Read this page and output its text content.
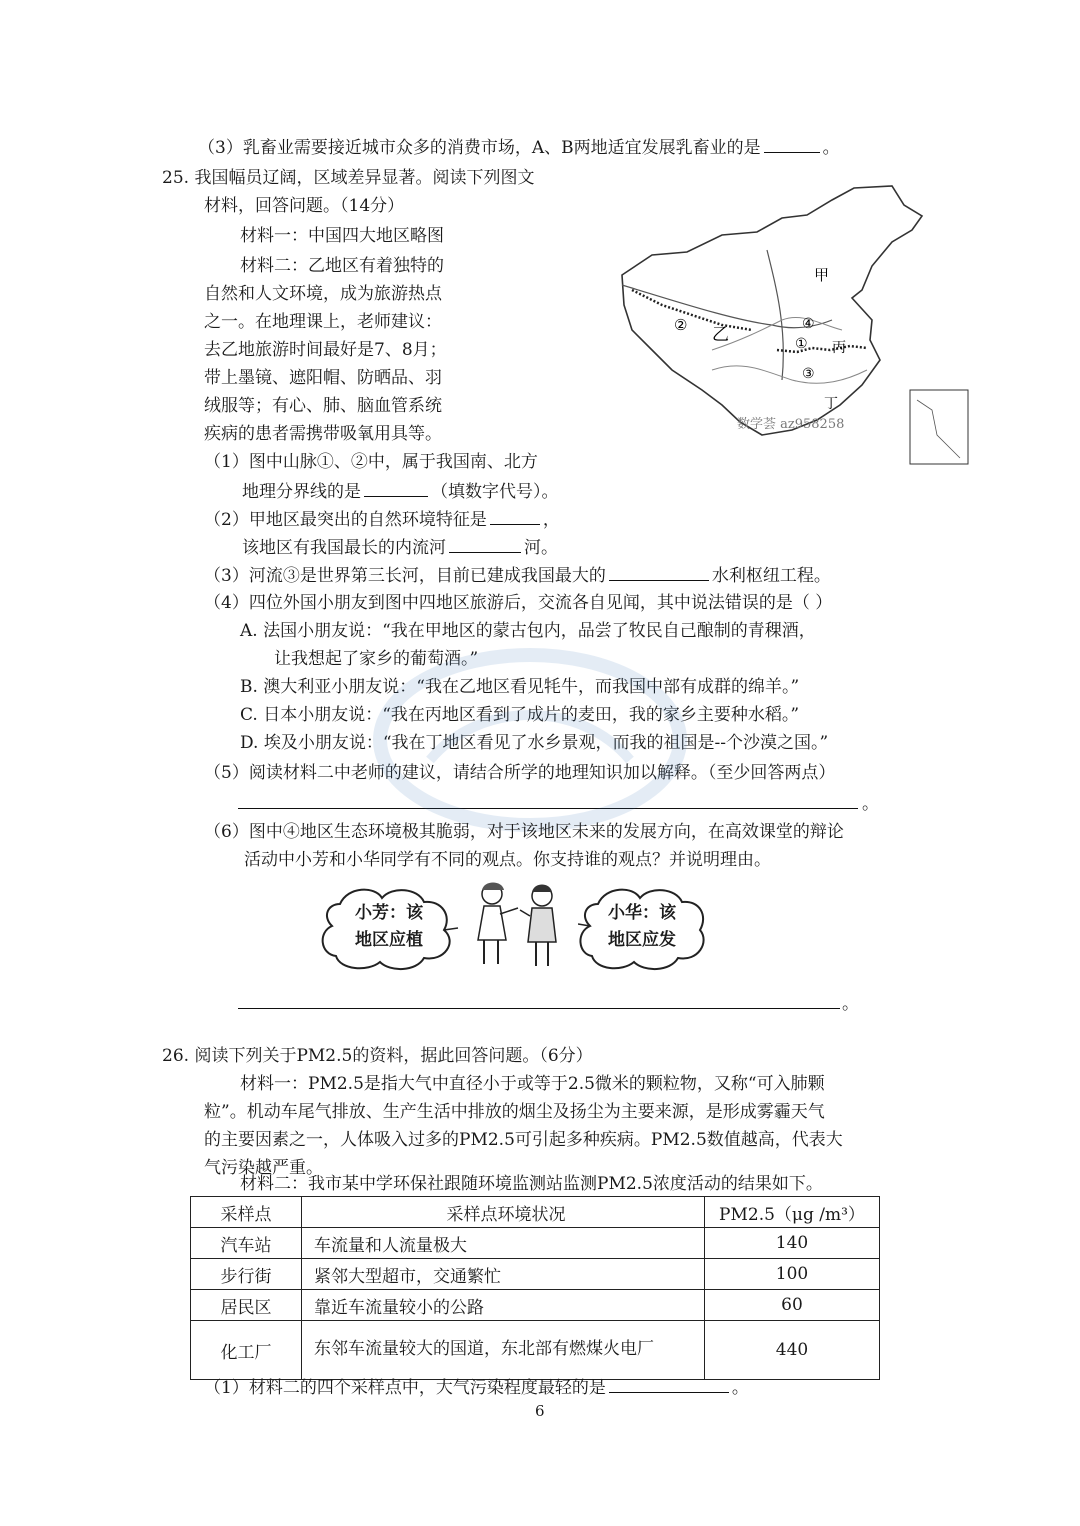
（3）乳畜业需要接近城市众多的消费市场，A、B两地适宜发展乳畜业的是	。
25. 我国幅员辽阔，区域差异显著。阅读下列图文
材料，回答问题。（14分）
材料一：中国四大地区略图
材料二：乙地区有着独特的
自然和人文环境，成为旅游热点
之一。在地理课上，老师建议：
去乙地旅游时间最好是7、8月；
带上墨镜、遮阳帽、防晒品、羽
绒服等；有心、肺、脑血管系统
疾病的患者需携带吸氧用具等。
甲
乙
丙
丁
①
②
③
④
数学荟 az958258
（1）图中山脉①、②中，属于我国南、北方
地理分界线的是	（填数字代号）。
（2）甲地区最突出的自然环境特征是	，
该地区有我国最长的内流河	河。
（3）河流③是世界第三长河，目前已建成我国最大的	水利枢纽工程。
（4）四位外国小朋友到图中四地区旅游后，交流各自见闻，其中说法错误的是（ ）
A. 法国小朋友说：“我在甲地区的蒙古包内，品尝了牧民自己酿制的青稞酒，
让我想起了家乡的葡萄酒。”
B. 澳大利亚小朋友说：“我在乙地区看见牦牛，而我国中部有成群的绵羊。”
C. 日本小朋友说：“我在丙地区看到了成片的麦田，我的家乡主要种水稻。”
D. 埃及小朋友说：“我在丁地区看见了水乡景观，而我的祖国是--个沙漠之国。”
（5）阅读材料二中老师的建议，请结合所学的地理知识加以解释。（至少回答两点）
。
（6）图中④地区生态环境极其脆弱，对于该地区未来的发展方向，在高效课堂的辩论
活动中小芳和小华同学有不同的观点。你支持谁的观点？并说明理由。
小芳：该
地区应植
小华：该
地区应发
。
26. 阅读下列关于PM2.5的资料，据此回答问题。（6分）
材料一：PM2.5是指大气中直径小于或等于2.5微米的颗粒物，又称“可入肺颗
粒”。机动车尾气排放、生产生活中排放的烟尘及扬尘为主要来源，是形成雾霾天气
的主要因素之一，人体吸入过多的PM2.5可引起多种疾病。PM2.5数值越高，代表大
气污染越严重。
材料二：我市某中学环保社跟随环境监测站监测PM2.5浓度活动的结果如下。
采样点	采样点环境状况	PM2.5（μg /m³）
汽车站	车流量和人流量极大	140
步行街	紧邻大型超市，交通繁忙	100
居民区	靠近车流量较小的公路	60
化工厂	东邻车流量较大的国道，东北部有燃煤火电厂	440
（1）材料二的四个采样点中，大气污染程度最轻的是	。
6
